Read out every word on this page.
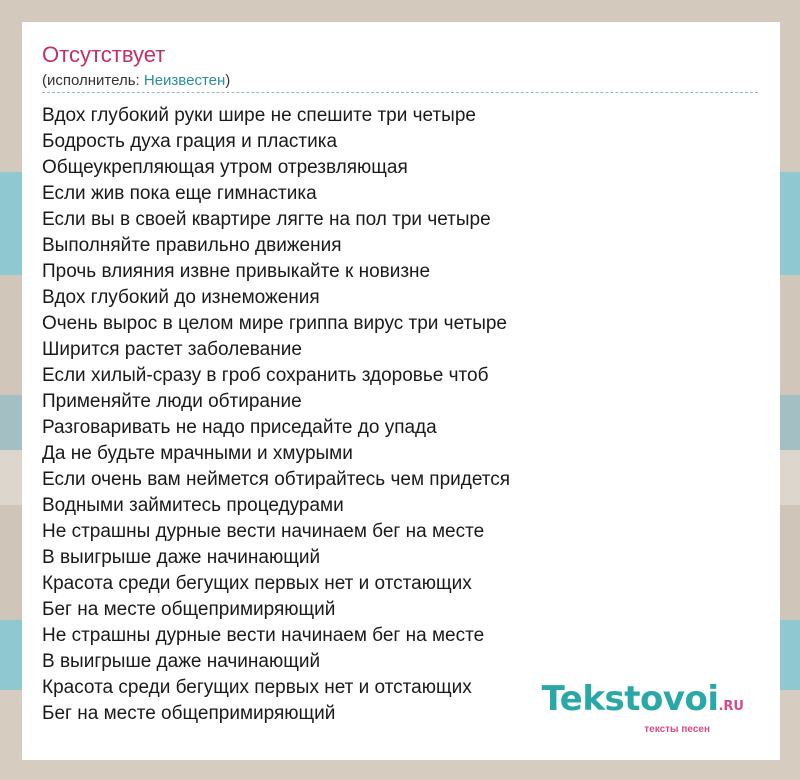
Отсутствует
(исполнитель: Неизвестен)
Вдох глубокий руки шире не спешите три четыре
Бодрость духа грация и пластика
Общеукрепляющая утром отрезвляющая
Если жив пока еще гимнастика
Если вы в своей квартире лягте на пол три четыре
Выполняйте правильно движения
Прочь влияния извне привыкайте к новизне
Вдох глубокий до изнеможения
Очень вырос в целом мире гриппа вирус три четыре
Ширится растет заболевание
Если хилый-сразу в гроб сохранить здоровье чтоб
Применяйте люди обтирание
Разговаривать не надо приседайте до упада
Да не будьте мрачными и хмурыми
Если очень вам неймется обтирайтесь чем придется
Водными займитесь процедурами
Не страшны дурные вести начинаем бег на месте
В выигрыше даже начинающий
Красота среди бегущих первых нет и отстающих
Бег на месте общепримиряющий
Не страшны дурные вести начинаем бег на месте
В выигрыше даже начинающий
Красота среди бегущих первых нет и отстающих
Бег на месте общепримиряющий	Tekstovoi.RU
тексты песен
